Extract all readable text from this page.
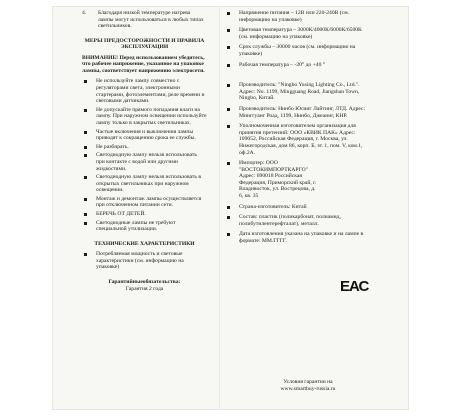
4. Благодаря низкой температуре нагрева лампы могут использоваться в любых типах светильников.
МЕРЫ ПРЕДОСТОРОЖНОСТИ И ПРАВИЛА ЭКСПЛУАТАЦИИ
ВНИМАНИЕ! Перед использованием убедитесь, что рабочее напряжение, указанное на упаковке лампы, соответствует напряжению электросети.
Не используйте лампу совместно с регуляторами света, электронными стартерами, фотоэлементами, реле времени и световыми датчиками.
Не допускайте прямого попадания влаги на лампу. При наружном освещении используйте лампу только в закрытых светильниках.
Частые включения и выключения лампы приводят к сокращению срока ее службы.
Не разбирать.
Светодиодную лампу нельзя использовать при контакте с водой или другими жидкостями.
Светодиодную лампу нельзя использовать в открытых светильниках при наружном освещении.
Монтаж и демонтаж лампы осуществляется при отключенном питании сети.
БЕРЕЧЬ ОТ ДЕТЕЙ.
Светодиодные лампы не требуют специальной утилизации.
ТЕХНИЧЕСКИЕ ХАРАКТЕРИСТИКИ
Потребляемая мощность и световые характеристики (см. информацию на упаковке)
Гарантийныеобязательства:
Гарантия 2 года
Напряжение питания – 12В или 220-240В (см. информацию на упаковке)
Цветовая температура – 3000К/4000К/6000К/6500К (см. информацию на упаковке)
Срок службы – 30000 часов (см. информацию на упаковке)
Рабочая температура – -20° до +40 °
Производитель: "Ningbo Yusing Lighting Co., Ltd.". Адрес: No. 1199, Mingguang Road, Jiangshan Town, Ningbo, Китай.
Производитель: Нинбо Юсинг Лайтинг, ЛТД. Адрес: Минггуанг Роад, 1199, Нинбо, Джеаинг, КНР.
Уполномоченная изготовителем организация для принятия претензий: ООО «КВИК ПАК» Адрес: 109052, Российская Федерация, г. Москва, ул. Нижегородская, дом 86, корп. Б, эт. 1, пом. V, ком.1, оф.2А.
Импортер: ООО "ВОСТОКИМПОРТКАРГО" Адрес: 690018 Российская Федерация, Приморский край, г. Владивосток, ул. Вострецова, д. 6, кв. 35
Страна-изготовитель: Китай
Состав: пластик (поликарбонат, полиамид, полибутилентерефталат), металл.
Дата изготовления указана на упаковке и на лампе в формате: ММ.ГГГГ.
ЕАС
Условия гарантии на
www.smartbuy-russia.ru
